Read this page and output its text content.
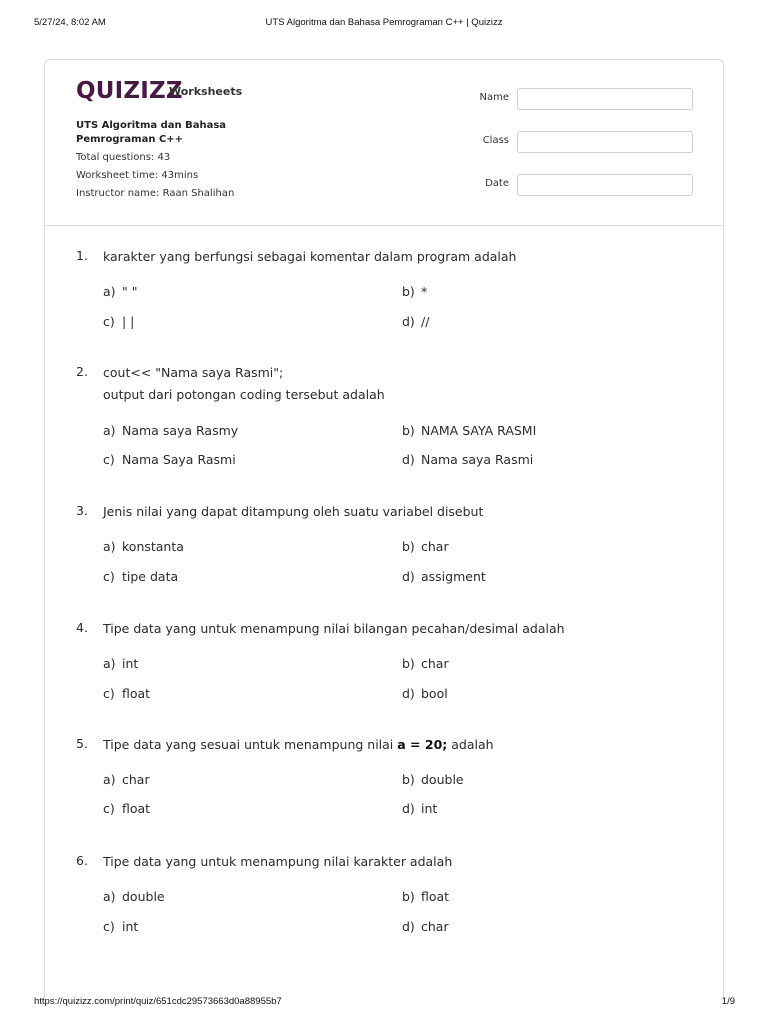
5/27/24, 8:02 AM	UTS Algoritma dan Bahasa Pemrograman C++ | Quizizz
QUIZIZZ
Worksheets
UTS Algoritma dan Bahasa Pemrograman C++
Total questions: 43
Worksheet time: 43mins
Instructor name: Raan Shalihan
Name
Class
Date
1. karakter yang berfungsi sebagai komentar dalam program adalah
a) " "	b) *
c) | |	d) //
2. cout<< "Nama saya Rasmi";
output dari potongan coding tersebut adalah
a) Nama saya Rasmy	b) NAMA SAYA RASMI
c) Nama Saya Rasmi	d) Nama saya Rasmi
3. Jenis nilai yang dapat ditampung oleh suatu variabel disebut
a) konstanta	b) char
c) tipe data	d) assigment
4. Tipe data yang untuk menampung nilai bilangan pecahan/desimal adalah
a) int	b) char
c) float	d) bool
5. Tipe data yang sesuai untuk menampung nilai a = 20; adalah
a) char	b) double
c) float	d) int
6. Tipe data yang untuk menampung nilai karakter adalah
a) double	b) float
c) int	d) char
https://quizizz.com/print/quiz/651cdc29573663d0a88955b7	1/9
